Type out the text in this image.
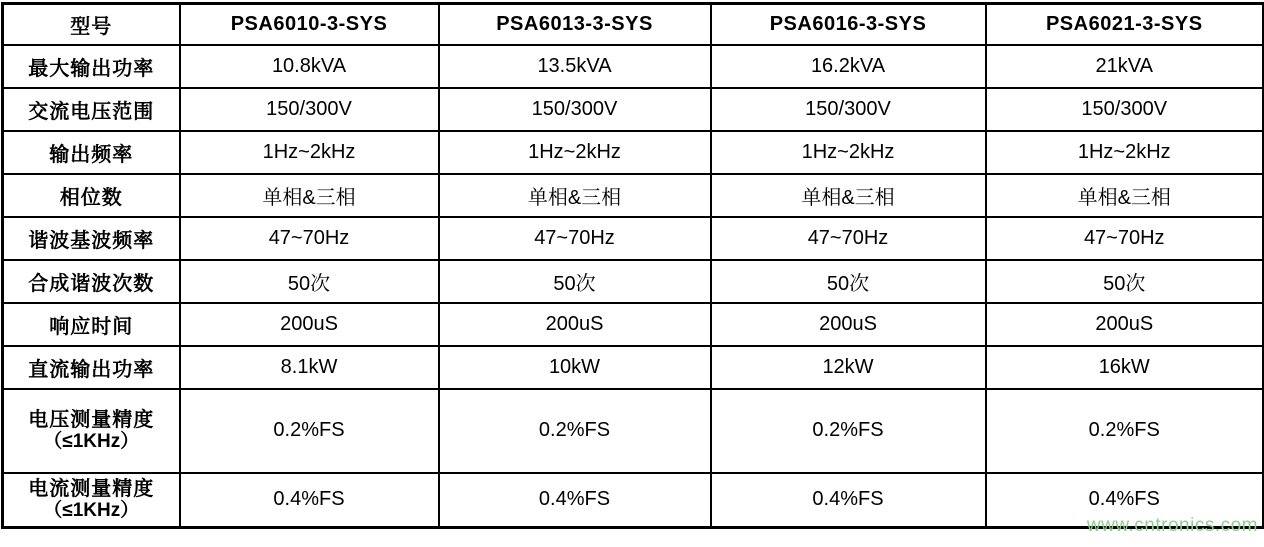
型号	PSA6010-3-SYS	PSA6013-3-SYS	PSA6016-3-SYS	PSA6021-3-SYS
最大输出功率	10.8kVA	13.5kVA	16.2kVA	21kVA
交流电压范围	150/300V	150/300V	150/300V	150/300V
输出频率	1Hz~2kHz	1Hz~2kHz	1Hz~2kHz	1Hz~2kHz
相位数	单相&三相	单相&三相	单相&三相	单相&三相
谐波基波频率	47~70Hz	47~70Hz	47~70Hz	47~70Hz
合成谐波次数	50次	50次	50次	50次
响应时间	200uS	200uS	200uS	200uS
直流输出功率	8.1kW	10kW	12kW	16kW

电压测量精度
（≤1KHz）	0.2%FS	0.2%FS	0.2%FS	0.2%FS

电流测量精度
（≤1KHz）	0.4%FS	0.4%FS	0.4%FS	0.4%FS
www.cntronics.com
